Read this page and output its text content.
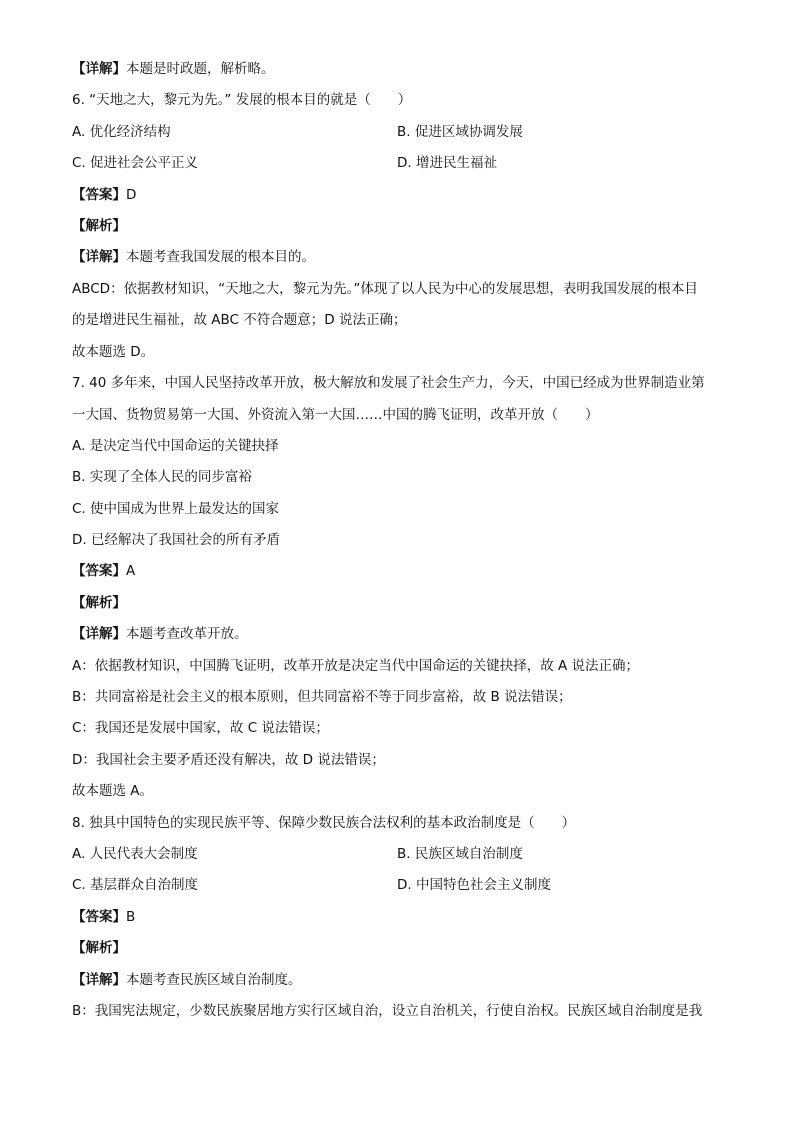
【详解】本题是时政题，解析略。
6. “天地之大，黎元为先。” 发展的根本目的就是（　　）
A. 优化经济结构	B. 促进区域协调发展
C. 促进社会公平正义	D. 增进民生福祉
【答案】D
【解析】
【详解】本题考查我国发展的根本目的。
ABCD：依据教材知识，“天地之大，黎元为先。”体现了以人民为中心的发展思想，表明我国发展的根本目
的是增进民生福祉，故 ABC 不符合题意；D 说法正确；
故本题选 D。
7. 40 多年来，中国人民坚持改革开放，极大解放和发展了社会生产力，今天，中国已经成为世界制造业第
一大国、货物贸易第一大国、外资流入第一大国……中国的腾飞证明，改革开放（　　）
A. 是决定当代中国命运的关键抉择
B. 实现了全体人民的同步富裕
C. 使中国成为世界上最发达的国家
D. 已经解决了我国社会的所有矛盾
【答案】A
【解析】
【详解】本题考查改革开放。
A：依据教材知识，中国腾飞证明，改革开放是决定当代中国命运的关键抉择，故 A 说法正确；
B：共同富裕是社会主义的根本原则，但共同富裕不等于同步富裕，故 B 说法错误；
C：我国还是发展中国家，故 C 说法错误；
D：我国社会主要矛盾还没有解决，故 D 说法错误；
故本题选 A。
8. 独具中国特色的实现民族平等、保障少数民族合法权利的基本政治制度是（　　）
A. 人民代表大会制度	B. 民族区域自治制度
C. 基层群众自治制度	D. 中国特色社会主义制度
【答案】B
【解析】
【详解】本题考查民族区域自治制度。
B：我国宪法规定，少数民族聚居地方实行区域自治，设立自治机关，行使自治权。民族区域自治制度是我
